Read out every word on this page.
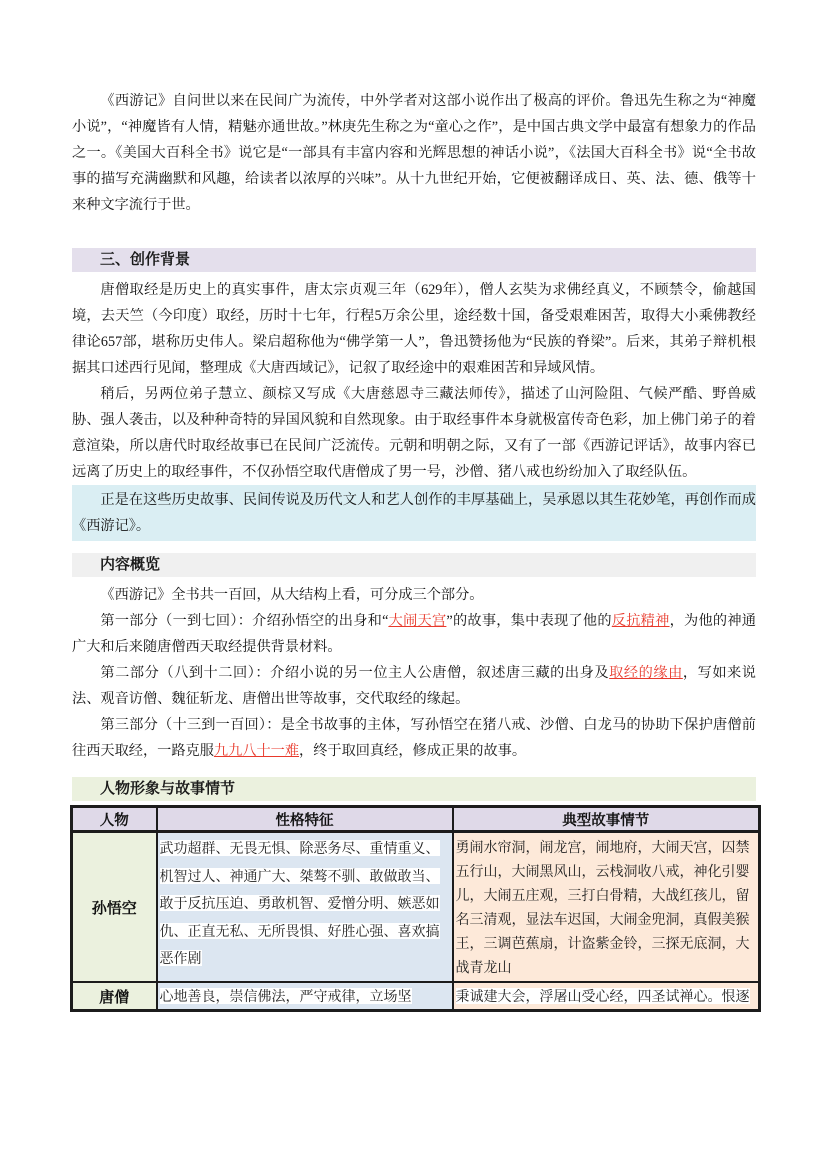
《西游记》自问世以来在民间广为流传，中外学者对这部小说作出了极高的评价。鲁迅先生称之为“神魔小说”，“神魔皆有人情，精魅亦通世故。”林庚先生称之为“童心之作”，是中国古典文学中最富有想象力的作品之一。《美国大百科全书》说它是“一部具有丰富内容和光辉思想的神话小说”，《法国大百科全书》说“全书故事的描写充满幽默和风趣，给读者以浓厚的兴味”。从十九世纪开始，它便被翻译成日、英、法、德、俄等十来种文字流行于世。

三、创作背景

唐僧取经是历史上的真实事件，唐太宗贞观三年（629年），僧人玄奘为求佛经真义，不顾禁令，偷越国境，去天竺（今印度）取经，历时十七年，行程5万余公里，途经数十国，备受艰难困苦，取得大小乘佛教经律论657部，堪称历史伟人。梁启超称他为“佛学第一人”，鲁迅赞扬他为“民族的脊梁”。后来，其弟子辩机根据其口述西行见闻，整理成《大唐西域记》，记叙了取经途中的艰难困苦和异域风情。

稍后，另两位弟子慧立、颜棕又写成《大唐慈恩寺三藏法师传》，描述了山河险阻、气候严酷、野兽威胁、强人袭击，以及种种奇特的异国风貌和自然现象。由于取经事件本身就极富传奇色彩，加上佛门弟子的着意渲染，所以唐代时取经故事已在民间广泛流传。元朝和明朝之际，又有了一部《西游记评话》，故事内容已远离了历史上的取经事件，不仅孙悟空取代唐僧成了男一号，沙僧、猪八戒也纷纷加入了取经队伍。

正是在这些历史故事、民间传说及历代文人和艺人创作的丰厚基础上，吴承恩以其生花妙笔，再创作而成《西游记》。

内容概览

《西游记》全书共一百回，从大结构上看，可分成三个部分。

第一部分（一到七回）：介绍孙悟空的出身和“大闹天宫”的故事，集中表现了他的反抗精神，为他的神通广大和后来随唐僧西天取经提供背景材料。

第二部分（八到十二回）：介绍小说的另一位主人公唐僧，叙述唐三藏的出身及取经的缘由，写如来说法、观音访僧、魏征斩龙、唐僧出世等故事，交代取经的缘起。

第三部分（十三到一百回）：是全书故事的主体，写孙悟空在猪八戒、沙僧、白龙马的协助下保护唐僧前往西天取经，一路克服九九八十一难，终于取回真经，修成正果的故事。

人物形象与故事情节
人物	性格特征	典型故事情节
孙悟空	武功超群、无畏无惧、除恶务尽、重情重义、机智过人、神通广大、桀骜不驯、敢做敢当、敢于反抗压迫、勇敢机智、爱憎分明、嫉恶如仇、正直无私、无所畏惧、好胜心强、喜欢搞恶作剧	勇闹水帘洞，闹龙宫，闹地府，大闹天宫，囚禁五行山，大闹黑风山，云栈洞收八戒，神化引婴儿，大闹五庄观，三打白骨精，大战红孩儿，留名三清观，显法车迟国，大闹金兜洞，真假美猴王，三调芭蕉扇，计盗紫金铃，三探无底洞，大战青龙山
唐僧	心地善良，崇信佛法，严守戒律，立场坚	秉诚建大会，浮屠山受心经，四圣试禅心。恨逐
